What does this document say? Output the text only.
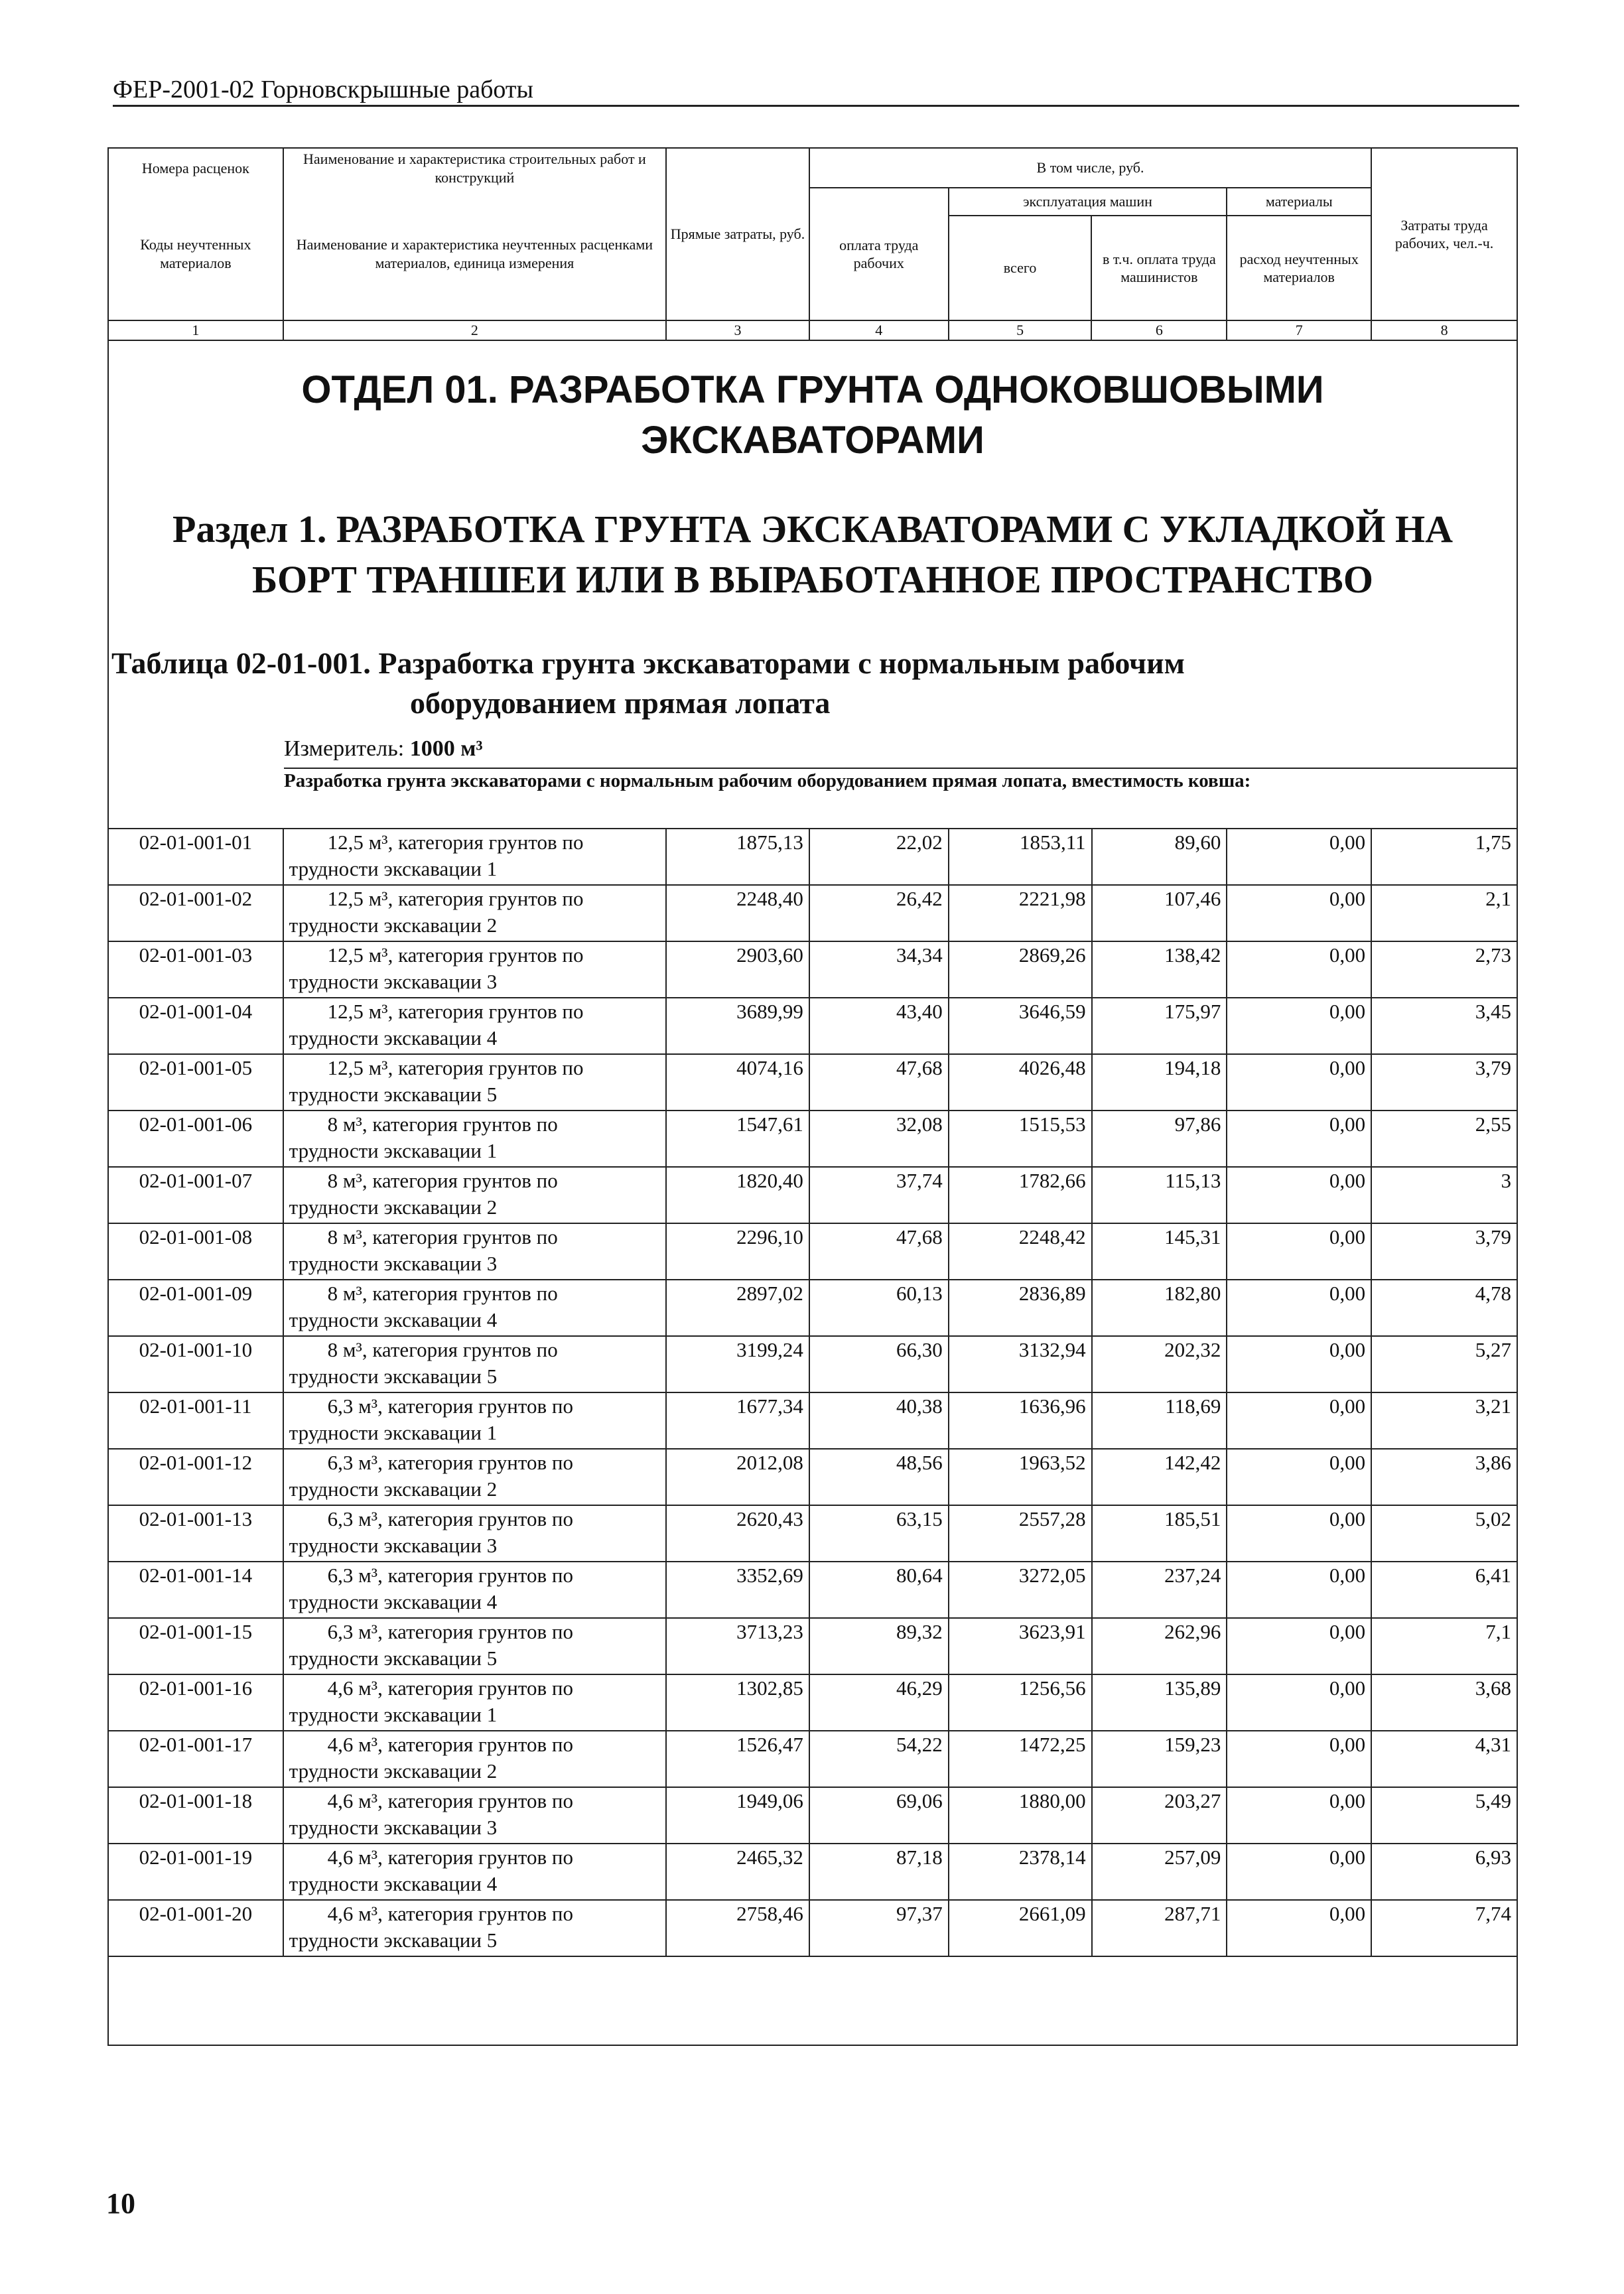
ФЕР-2001-02 Горновскрышные работы
Номера расценок	Наименование и характеристика строительных работ и конструкций	Прямые затраты, руб.	В том числе, руб.				Затраты труда рабочих, чел.-ч.
Коды неучтенных материалов	Наименование и характеристика неучтенных расценками материалов, единица измерения		оплата труда рабочих	эксплуатация машин		материалы	
				всего	в т.ч. оплата труда машинистов	расход неучтенных материалов	
1	2	3	4	5	6	7	8
ОТДЕЛ 01. РАЗРАБОТКА ГРУНТА ОДНОКОВШОВЫМИ
ЭКСКАВАТОРАМИ
Раздел 1. РАЗРАБОТКА ГРУНТА ЭКСКАВАТОРАМИ С УКЛАДКОЙ НА
БОРТ ТРАНШЕИ ИЛИ В ВЫРАБОТАННОЕ ПРОСТРАНСТВО
Таблица 02-01-001. Разработка грунта экскаваторами с нормальным рабочим
оборудованием прямая лопата
Измеритель: 1000 м³
Разработка грунта экскаваторами с нормальным рабочим оборудованием прямая лопата, вместимость ковша:
02-01-001-01	12,5 м³, категория грунтов по
трудности экскавации 1	1875,13	22,02	1853,11	89,60	0,00	1,75
02-01-001-02	12,5 м³, категория грунтов по
трудности экскавации 2	2248,40	26,42	2221,98	107,46	0,00	2,1
02-01-001-03	12,5 м³, категория грунтов по
трудности экскавации 3	2903,60	34,34	2869,26	138,42	0,00	2,73
02-01-001-04	12,5 м³, категория грунтов по
трудности экскавации 4	3689,99	43,40	3646,59	175,97	0,00	3,45
02-01-001-05	12,5 м³, категория грунтов по
трудности экскавации 5	4074,16	47,68	4026,48	194,18	0,00	3,79
02-01-001-06	8 м³, категория грунтов по
трудности экскавации 1	1547,61	32,08	1515,53	97,86	0,00	2,55
02-01-001-07	8 м³, категория грунтов по
трудности экскавации 2	1820,40	37,74	1782,66	115,13	0,00	3
02-01-001-08	8 м³, категория грунтов по
трудности экскавации 3	2296,10	47,68	2248,42	145,31	0,00	3,79
02-01-001-09	8 м³, категория грунтов по
трудности экскавации 4	2897,02	60,13	2836,89	182,80	0,00	4,78
02-01-001-10	8 м³, категория грунтов по
трудности экскавации 5	3199,24	66,30	3132,94	202,32	0,00	5,27
02-01-001-11	6,3 м³, категория грунтов по
трудности экскавации 1	1677,34	40,38	1636,96	118,69	0,00	3,21
02-01-001-12	6,3 м³, категория грунтов по
трудности экскавации 2	2012,08	48,56	1963,52	142,42	0,00	3,86
02-01-001-13	6,3 м³, категория грунтов по
трудности экскавации 3	2620,43	63,15	2557,28	185,51	0,00	5,02
02-01-001-14	6,3 м³, категория грунтов по
трудности экскавации 4	3352,69	80,64	3272,05	237,24	0,00	6,41
02-01-001-15	6,3 м³, категория грунтов по
трудности экскавации 5	3713,23	89,32	3623,91	262,96	0,00	7,1
02-01-001-16	4,6 м³, категория грунтов по
трудности экскавации 1	1302,85	46,29	1256,56	135,89	0,00	3,68
02-01-001-17	4,6 м³, категория грунтов по
трудности экскавации 2	1526,47	54,22	1472,25	159,23	0,00	4,31
02-01-001-18	4,6 м³, категория грунтов по
трудности экскавации 3	1949,06	69,06	1880,00	203,27	0,00	5,49
02-01-001-19	4,6 м³, категория грунтов по
трудности экскавации 4	2465,32	87,18	2378,14	257,09	0,00	6,93
02-01-001-20	4,6 м³, категория грунтов по
трудности экскавации 5	2758,46	97,37	2661,09	287,71	0,00	7,74
10
